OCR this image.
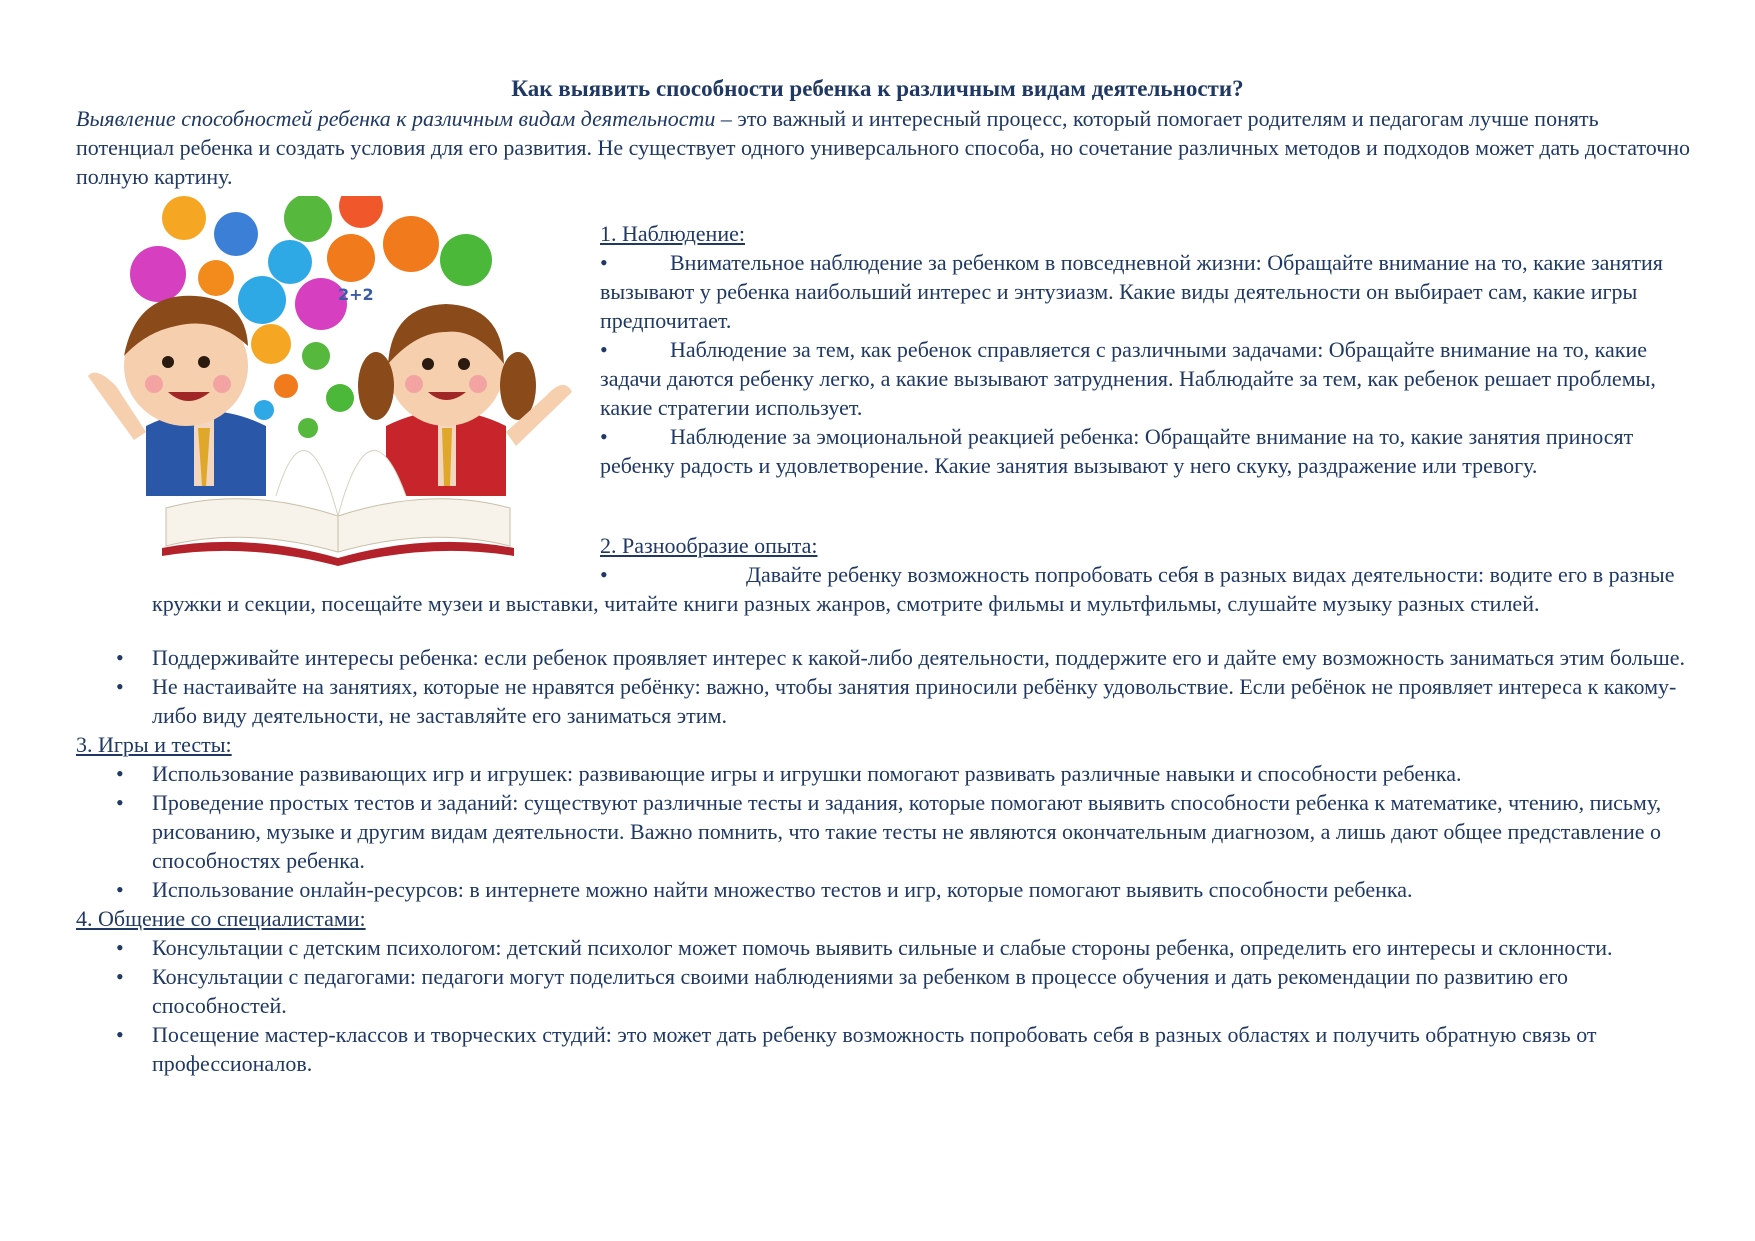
Как выявить способности ребенка к различным видам деятельности?
Выявление способностей ребенка к различным видам деятельности – это важный и интересный процесс, который помогает родителям и педагогам лучше понять потенциал ребенка и создать условия для его развития. Не существует одного универсального способа, но сочетание различных методов и подходов может дать достаточно полную картину.
2+2
1. Наблюдение:
•	Внимательное наблюдение за ребенком в повседневной жизни: Обращайте внимание на то, какие занятия вызывают у ребенка наибольший интерес и энтузиазм. Какие виды деятельности он выбирает сам, какие игры предпочитает.
•	Наблюдение за тем, как ребенок справляется с различными задачами: Обращайте внимание на то, какие задачи даются ребенку легко, а какие вызывают затруднения. Наблюдайте за тем, как ребенок решает проблемы, какие стратегии использует.
•	Наблюдение за эмоциональной реакцией ребенка: Обращайте внимание на то, какие занятия приносят ребенку радость и удовлетворение. Какие занятия вызывают у него скуку, раздражение или тревогу.
2. Разнообразие опыта:
•	Давайте ребенку возможность попробовать себя в разных видах деятельности: водите его в разные кружки и секции, посещайте музеи и выставки, читайте книги разных жанров, смотрите фильмы и мультфильмы, слушайте музыку разных стилей.
• Поддерживайте интересы ребенка: если ребенок проявляет интерес к какой-либо деятельности, поддержите его и дайте ему возможность заниматься этим больше.
• Не настаивайте на занятиях, которые не нравятся ребёнку: важно, чтобы занятия приносили ребёнку удовольствие. Если ребёнок не проявляет интереса к какому-либо виду деятельности, не заставляйте его заниматься этим.
3. Игры и тесты:
• Использование развивающих игр и игрушек: развивающие игры и игрушки помогают развивать различные навыки и способности ребенка.
• Проведение простых тестов и заданий: существуют различные тесты и задания, которые помогают выявить способности ребенка к математике, чтению, письму, рисованию, музыке и другим видам деятельности. Важно помнить, что такие тесты не являются окончательным диагнозом, а лишь дают общее представление о способностях ребенка.
• Использование онлайн-ресурсов: в интернете можно найти множество тестов и игр, которые помогают выявить способности ребенка.
4. Общение со специалистами:
• Консультации с детским психологом: детский психолог может помочь выявить сильные и слабые стороны ребенка, определить его интересы и склонности.
• Консультации с педагогами: педагоги могут поделиться своими наблюдениями за ребенком в процессе обучения и дать рекомендации по развитию его способностей.
• Посещение мастер-классов и творческих студий: это может дать ребенку возможность попробовать себя в разных областях и получить обратную связь от профессионалов.
